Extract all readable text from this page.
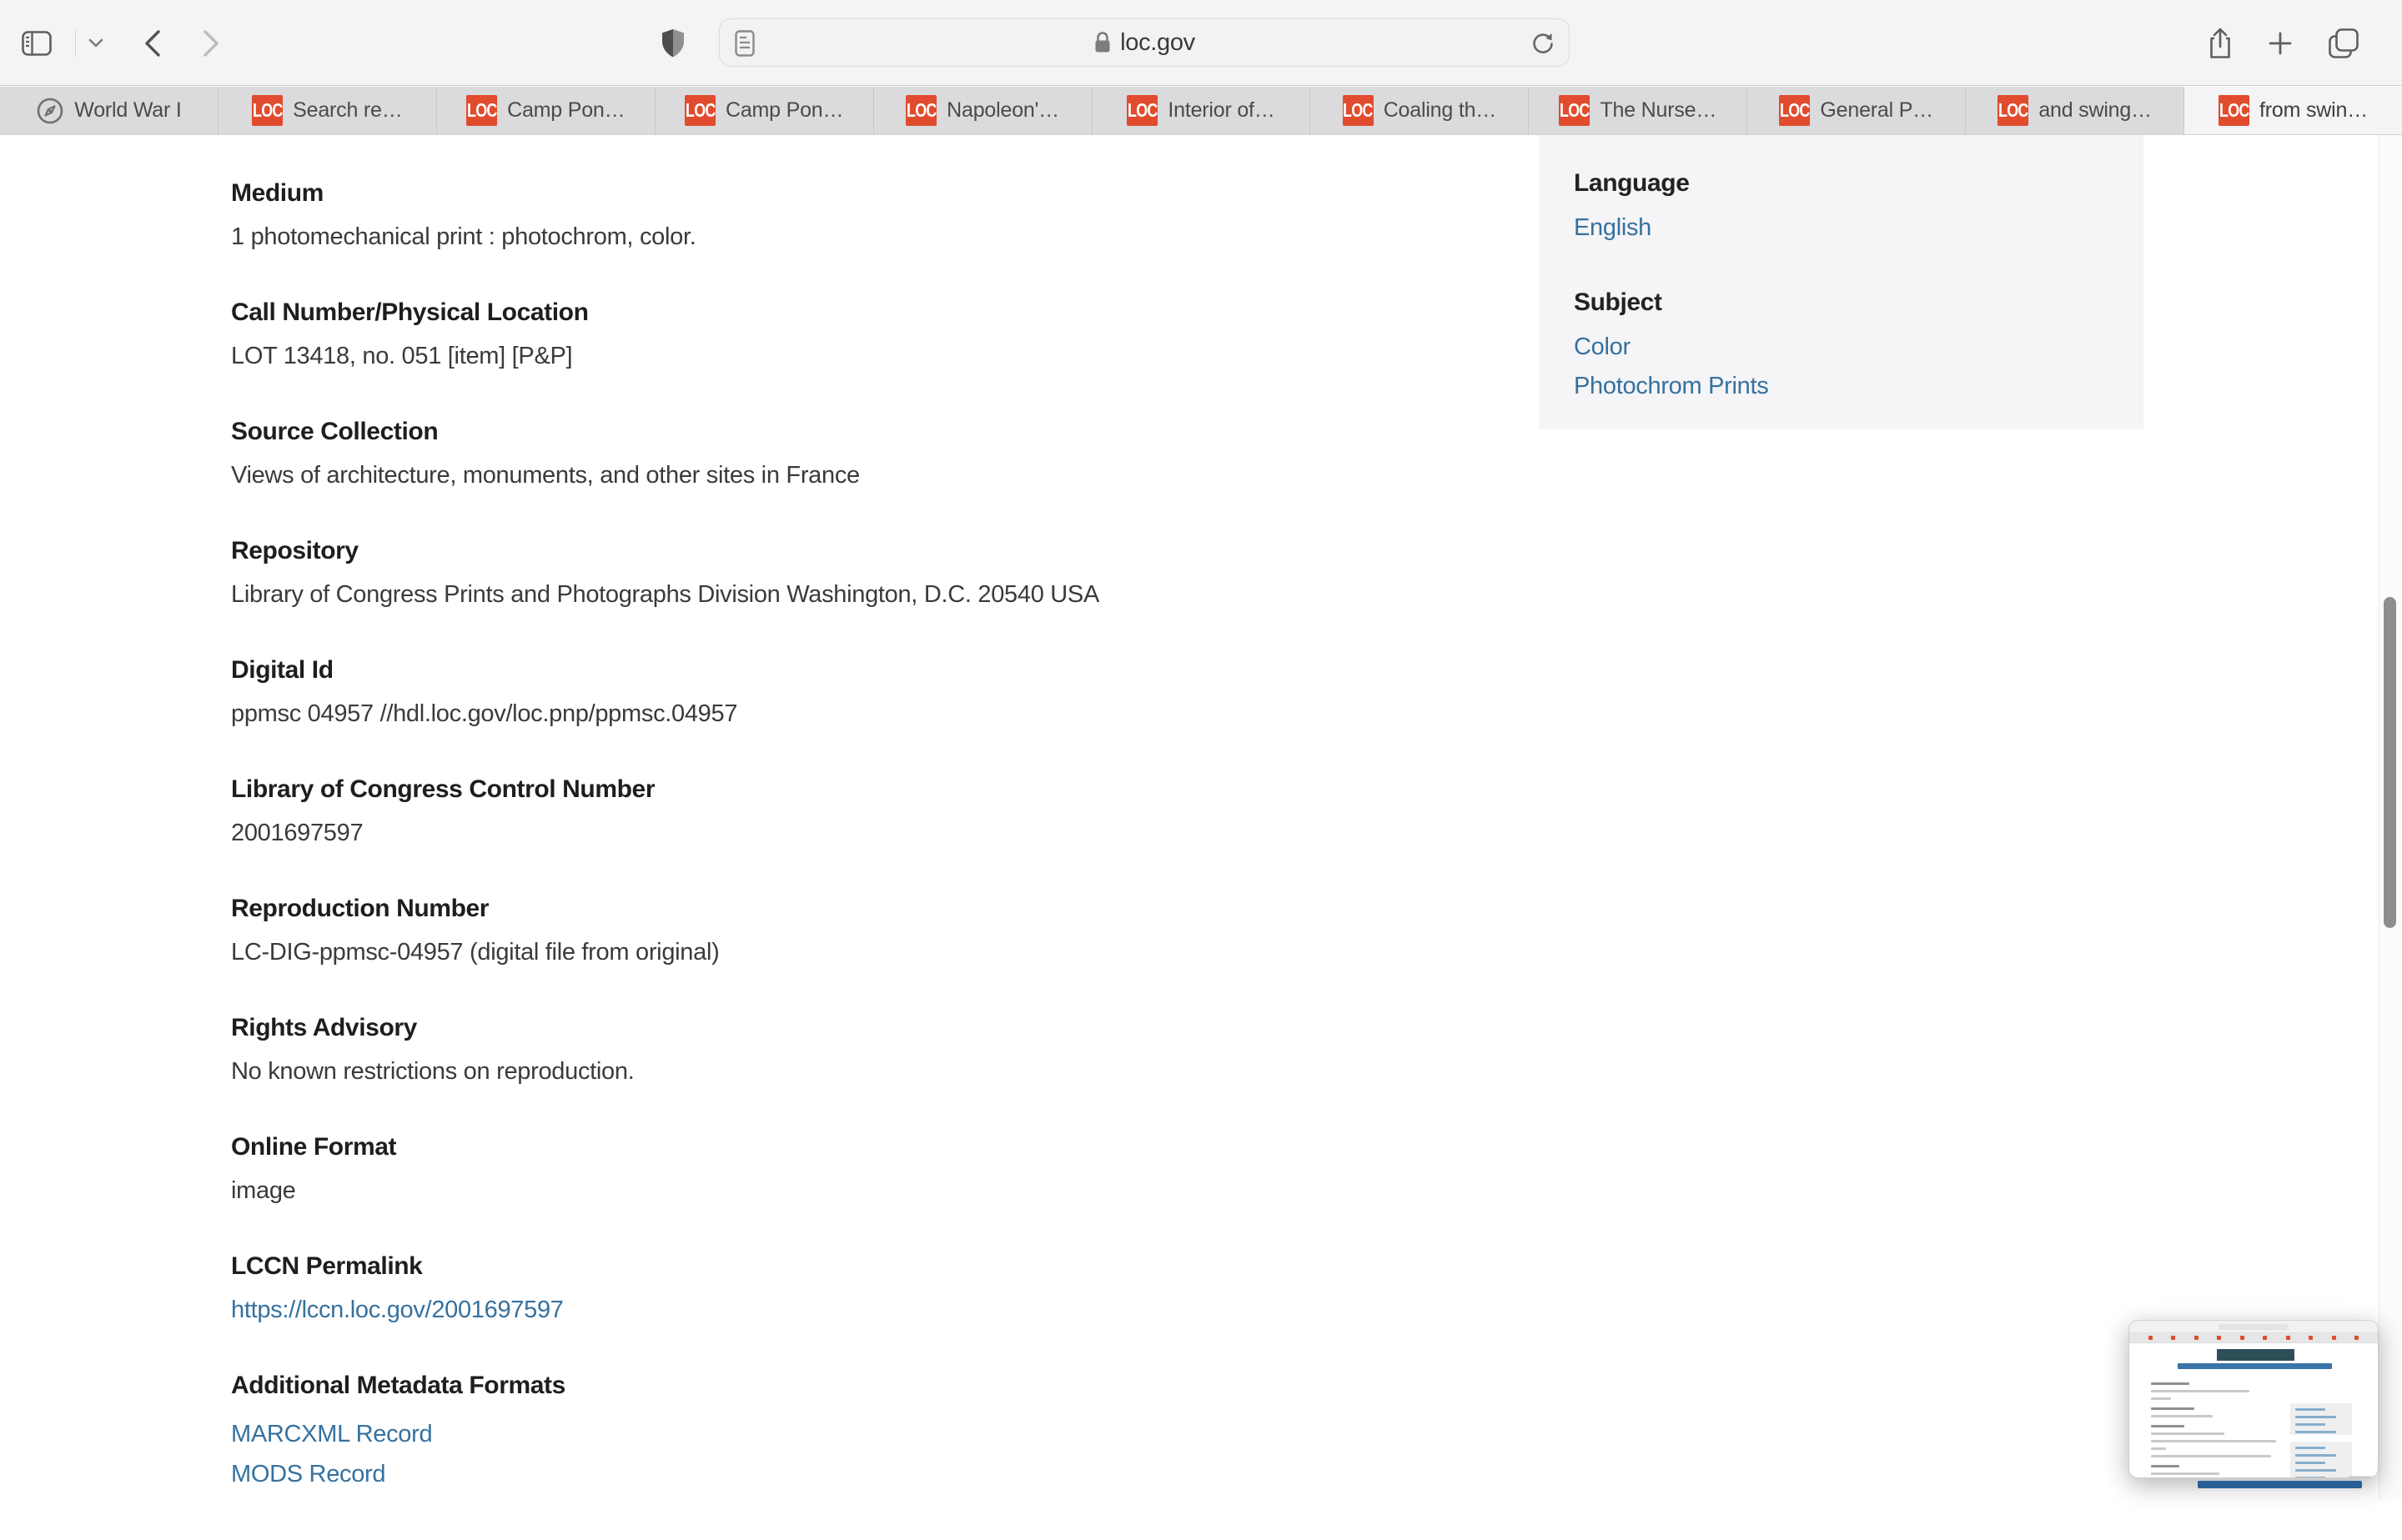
loc.gov
World War I	LOC Search re…	LOC Camp Pon…	LOC Camp Pon…	LOC Napoleon'…	LOC Interior of…	LOC Coaling th…	LOC The Nurse…	LOC General P…	LOC and swing…	LOC from swin…
Medium
1 photomechanical print : photochrom, color.
Call Number/Physical Location
LOT 13418, no. 051 [item] [P&P]
Source Collection
Views of architecture, monuments, and other sites in France
Repository
Library of Congress Prints and Photographs Division Washington, D.C. 20540 USA
Digital Id
ppmsc 04957 //hdl.loc.gov/loc.pnp/ppmsc.04957
Library of Congress Control Number
2001697597
Reproduction Number
LC-DIG-ppmsc-04957 (digital file from original)
Rights Advisory
No known restrictions on reproduction.
Online Format
image
LCCN Permalink
https://lccn.loc.gov/2001697597
Additional Metadata Formats
MARCXML Record
MODS Record
Language
English
Subject
Color
Photochrom Prints
